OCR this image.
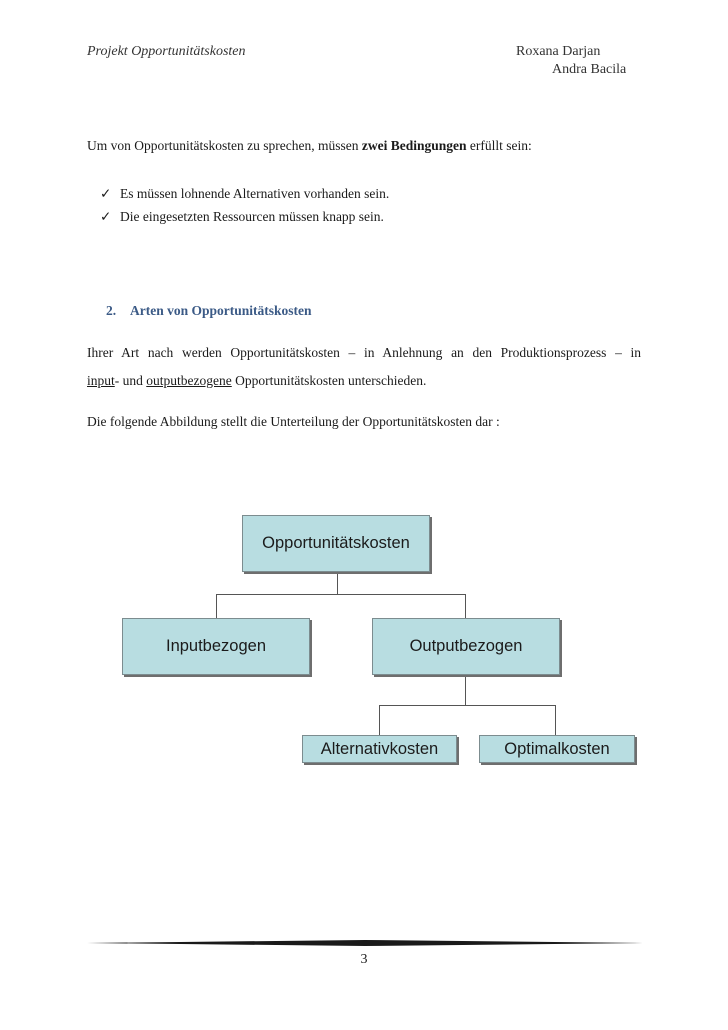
Projekt Opportunitätskosten	Roxana Darjan
Andra Bacila
Um von Opportunitätskosten zu sprechen, müssen zwei Bedingungen erfüllt sein:
✓ Es müssen lohnende Alternativen vorhanden sein.
✓ Die eingesetzten Ressourcen müssen knapp sein.
2. Arten von Opportunitätskosten
Ihrer Art nach werden Opportunitätskosten – in Anlehnung an den Produktionsprozess – in
input- und outputbezogene Opportunitätskosten unterschieden.
Die folgende Abbildung stellt die Unterteilung der Opportunitätskosten dar :
Opportunitätskosten
Inputbezogen	Outputbezogen
Alternativkosten	Optimalkosten
3
